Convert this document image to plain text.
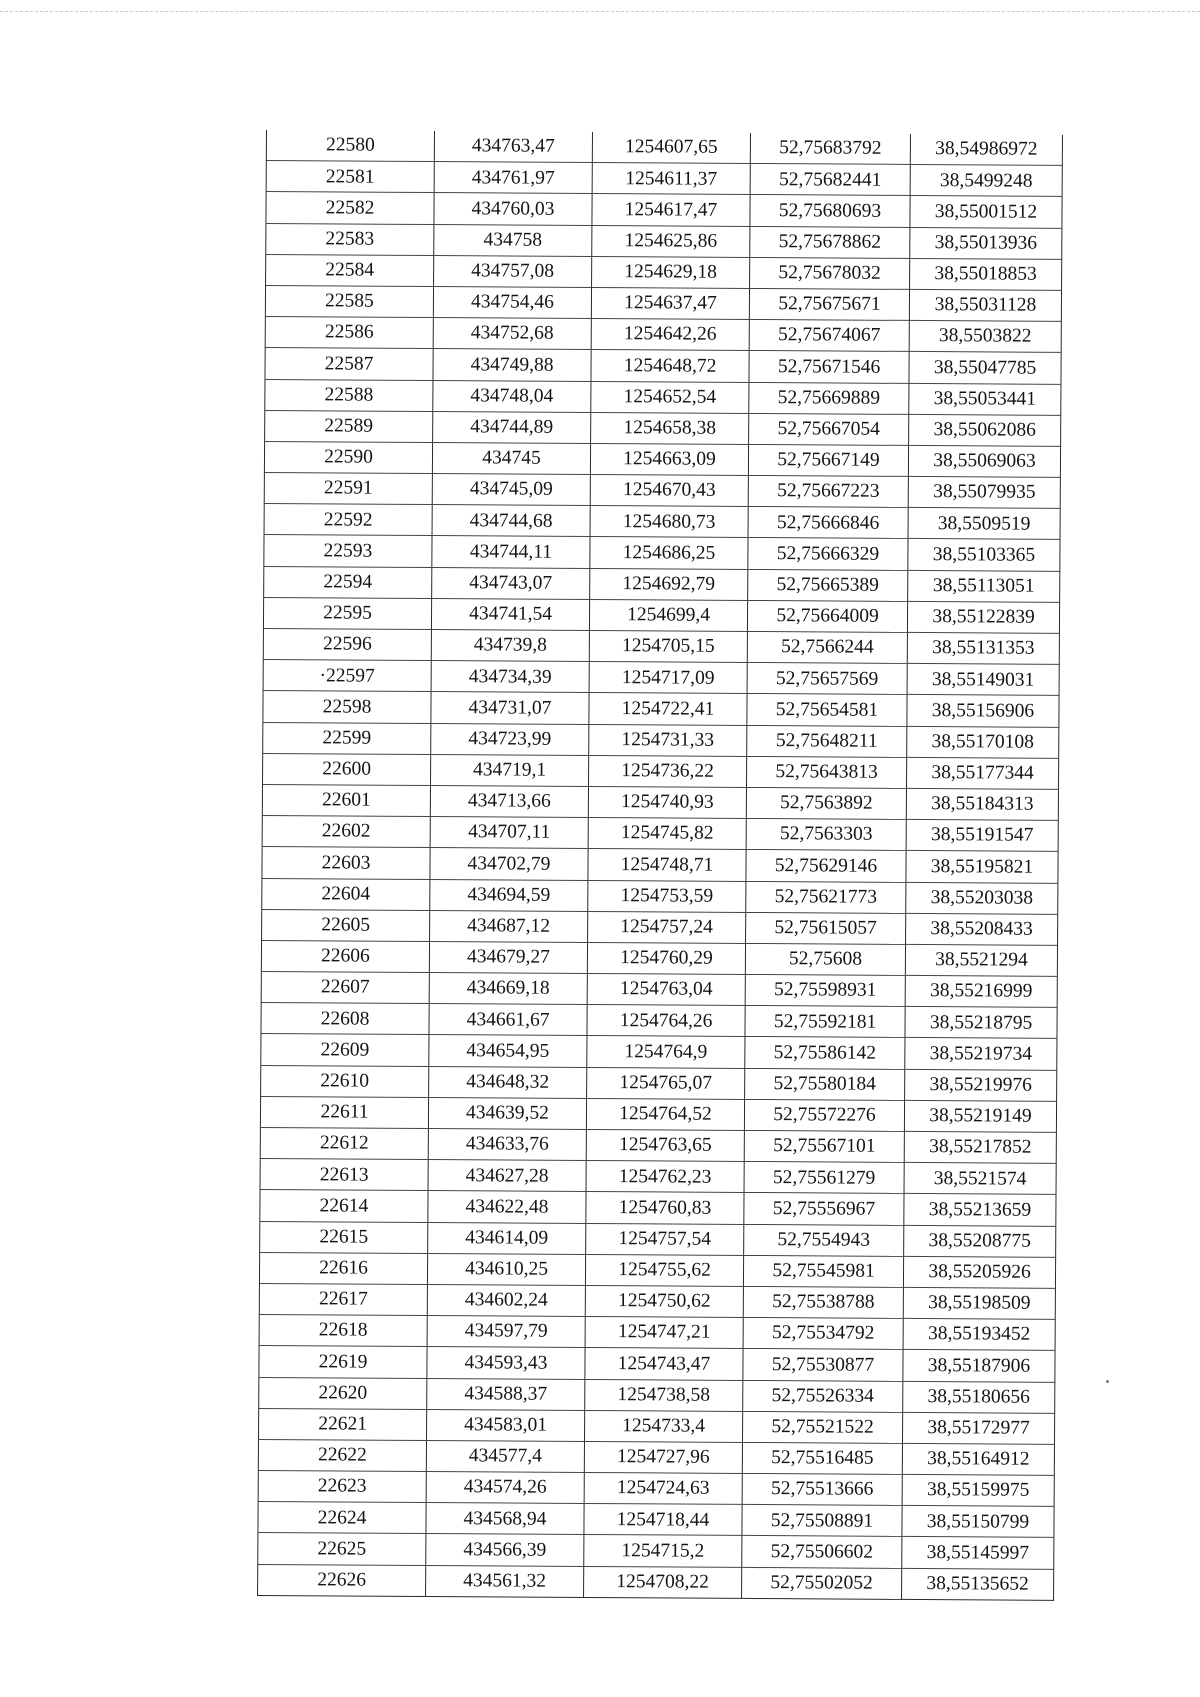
22580	434763,47	1254607,65	52,75683792	38,54986972
22581	434761,97	1254611,37	52,75682441	38,5499248
22582	434760,03	1254617,47	52,75680693	38,55001512
22583	434758	1254625,86	52,75678862	38,55013936
22584	434757,08	1254629,18	52,75678032	38,55018853
22585	434754,46	1254637,47	52,75675671	38,55031128
22586	434752,68	1254642,26	52,75674067	38,5503822
22587	434749,88	1254648,72	52,75671546	38,55047785
22588	434748,04	1254652,54	52,75669889	38,55053441
22589	434744,89	1254658,38	52,75667054	38,55062086
22590	434745	1254663,09	52,75667149	38,55069063
22591	434745,09	1254670,43	52,75667223	38,55079935
22592	434744,68	1254680,73	52,75666846	38,5509519
22593	434744,11	1254686,25	52,75666329	38,55103365
22594	434743,07	1254692,79	52,75665389	38,55113051
22595	434741,54	1254699,4	52,75664009	38,55122839
22596	434739,8	1254705,15	52,7566244	38,55131353
·22597	434734,39	1254717,09	52,75657569	38,55149031
22598	434731,07	1254722,41	52,75654581	38,55156906
22599	434723,99	1254731,33	52,75648211	38,55170108
22600	434719,1	1254736,22	52,75643813	38,55177344
22601	434713,66	1254740,93	52,7563892	38,55184313
22602	434707,11	1254745,82	52,7563303	38,55191547
22603	434702,79	1254748,71	52,75629146	38,55195821
22604	434694,59	1254753,59	52,75621773	38,55203038
22605	434687,12	1254757,24	52,75615057	38,55208433
22606	434679,27	1254760,29	52,75608	38,5521294
22607	434669,18	1254763,04	52,75598931	38,55216999
22608	434661,67	1254764,26	52,75592181	38,55218795
22609	434654,95	1254764,9	52,75586142	38,55219734
22610	434648,32	1254765,07	52,75580184	38,55219976
22611	434639,52	1254764,52	52,75572276	38,55219149
22612	434633,76	1254763,65	52,75567101	38,55217852
22613	434627,28	1254762,23	52,75561279	38,5521574
22614	434622,48	1254760,83	52,75556967	38,55213659
22615	434614,09	1254757,54	52,7554943	38,55208775
22616	434610,25	1254755,62	52,75545981	38,55205926
22617	434602,24	1254750,62	52,75538788	38,55198509
22618	434597,79	1254747,21	52,75534792	38,55193452
22619	434593,43	1254743,47	52,75530877	38,55187906
22620	434588,37	1254738,58	52,75526334	38,55180656
22621	434583,01	1254733,4	52,75521522	38,55172977
22622	434577,4	1254727,96	52,75516485	38,55164912
22623	434574,26	1254724,63	52,75513666	38,55159975
22624	434568,94	1254718,44	52,75508891	38,55150799
22625	434566,39	1254715,2	52,75506602	38,55145997
22626	434561,32	1254708,22	52,75502052	38,55135652
